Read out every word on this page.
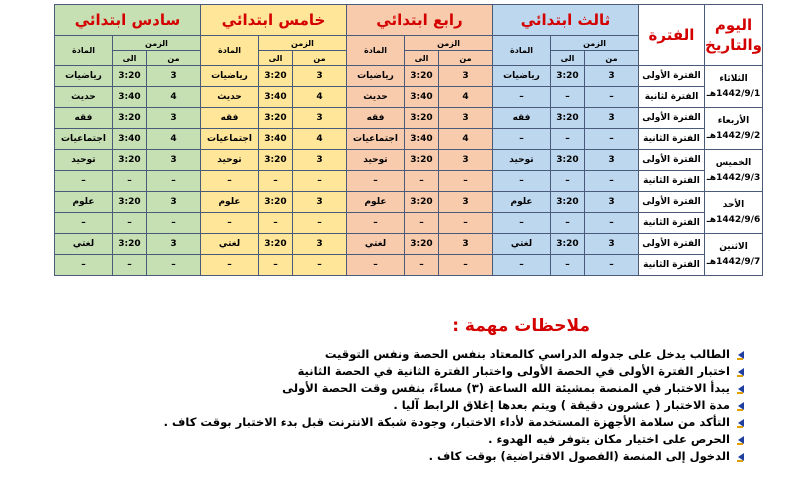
اليوم والتاريخ	الفترة	ثالث ابتدائي			رابع ابتدائي			خامس ابتدائي			سادس ابتدائي		
		الزمن		المادة	الزمن		المادة	الزمن		المادة	الزمن		المادة
		من	الى		من	الى		من	الى		من	الى	
الثلاثاء
1442/9/1هـ	الفترة الأولى	3	3:20	رياضيات	3	3:20	رياضيات	3	3:20	رياضيات	3	3:20	رياضيات
	الفترة لثانية	–	–	–	4	3:40	حديث	4	3:40	حديث	4	3:40	حديث
الأربعاء
1442/9/2هـ	الفترة الأولى	3	3:20	فقه	3	3:20	فقه	3	3:20	فقه	3	3:20	فقه
	الفترة الثانية	–	–	–	4	3:40	اجتماعيات	4	3:40	اجتماعيات	4	3:40	اجتماعيات
الخميس
1442/9/3هـ	الفترة الأولى	3	3:20	توحيد	3	3:20	توحيد	3	3:20	توحيد	3	3:20	توحيد
	الفترة الثانية	–	–	–	–	–	–	–	–	–	–	–	–
الأحد
1442/9/6هـ	الفترة الأولى	3	3:20	علوم	3	3:20	علوم	3	3:20	علوم	3	3:20	علوم
	الفترة الثانية	–	–	–	–	–	–	–	–	–	–	–	–
الاثنين
1442/9/7هـ	الفترة الأولى	3	3:20	لغتي	3	3:20	لغتي	3	3:20	لغتي	3	3:20	لغتي
	الفترة الثانية	–	–	–	–	–	–	–	–	–	–	–	–
ملاحظات مهمة :
الطالب يدخل على جدوله الدراسي كالمعتاد بنفس الحصة ونفس التوقيت
اختبار الفترة الأولى في الحصة الأولى واختبار الفترة الثانية في الحصة الثانية
يبدأ الاختبار في المنصة بمشيئة الله الساعة (٣) مساءً، بنفس وقت الحصة الأولى
مدة الاختبار ( عشرون دقيقة ) ويتم بعدها إغلاق الرابط آليا .
التأكد من سلامة الأجهزة المستخدمة لأداء الاختبار، وجودة شبكة الانترنت قبل بدء الاختبار بوقت كاف .
الحرص على اختيار مكان يتوفر فيه الهدوء .
الدخول إلى المنصة (الفصول الافتراضية) بوقت كاف .
